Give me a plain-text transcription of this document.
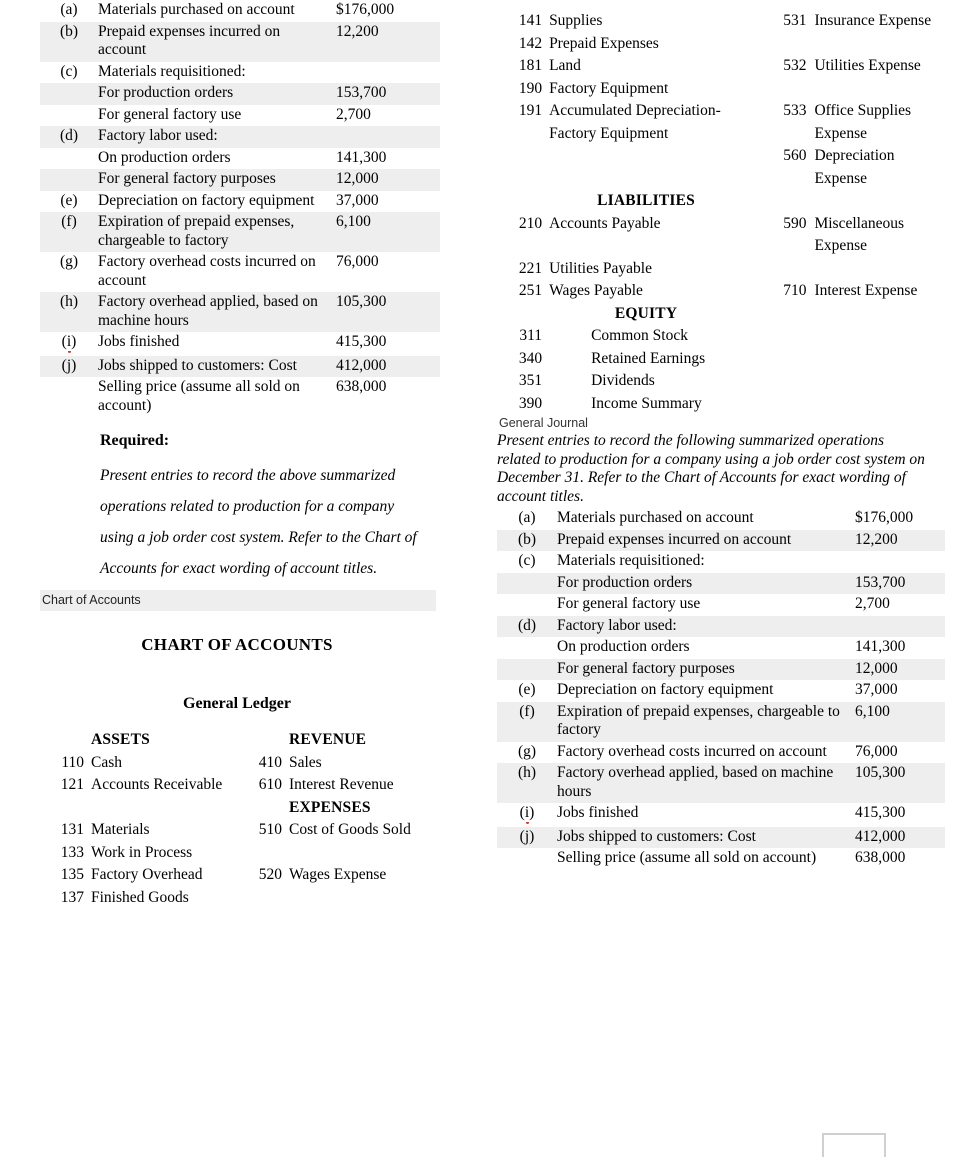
(a)	Materials purchased on account	$176,000
(b)	Prepaid expenses incurred on account	12,200
(c)	Materials requisitioned:	
	For production orders	153,700
	For general factory use	2,700
(d)	Factory labor used:	
	On production orders	141,300
	For general factory purposes	12,000
(e)	Depreciation on factory equipment	37,000
(f)	Expiration of prepaid expenses, chargeable to factory	6,100
(g)	Factory overhead costs incurred on account	76,000
(h)	Factory overhead applied, based on machine hours	105,300
(i)	Jobs finished	415,300
(j)	Jobs shipped to customers: Cost	412,000
	Selling price (assume all sold on account)	638,000
Required:
Present entries to record the above summarized operations related to production for a company using a job order cost system. Refer to the Chart of Accounts for exact wording of account titles.
Chart of Accounts
CHART OF ACCOUNTS
General Ledger
	ASSETS		REVENUE
110	Cash	410	Sales
121	Accounts Receivable	610	Interest Revenue
			EXPENSES
131	Materials	510	Cost of Goods Sold
133	Work in Process		
135	Factory Overhead	520	Wages Expense
137	Finished Goods		
141	Supplies	531	Insurance Expense
142	Prepaid Expenses		
181	Land	532	Utilities Expense
190	Factory Equipment		
191	Accumulated Depreciation-Factory Equipment	533	Office Supplies Expense
		560	Depreciation Expense
	LIABILITIES		
210	Accounts Payable	590	Miscellaneous Expense
221	Utilities Payable		
251	Wages Payable	710	Interest Expense
	EQUITY		
311	Common Stock		
340	Retained Earnings		
351	Dividends		
390	Income Summary		
General Journal
Present entries to record the following summarized operations related to production for a company using a job order cost system on December 31. Refer to the Chart of Accounts for exact wording of account titles.
(a)	Materials purchased on account	$176,000
(b)	Prepaid expenses incurred on account	12,200
(c)	Materials requisitioned:	
	For production orders	153,700
	For general factory use	2,700
(d)	Factory labor used:	
	On production orders	141,300
	For general factory purposes	12,000
(e)	Depreciation on factory equipment	37,000
(f)	Expiration of prepaid expenses, chargeable to factory	6,100
(g)	Factory overhead costs incurred on account	76,000
(h)	Factory overhead applied, based on machine hours	105,300
(i)	Jobs finished	415,300
(j)	Jobs shipped to customers: Cost	412,000
	Selling price (assume all sold on account)	638,000
